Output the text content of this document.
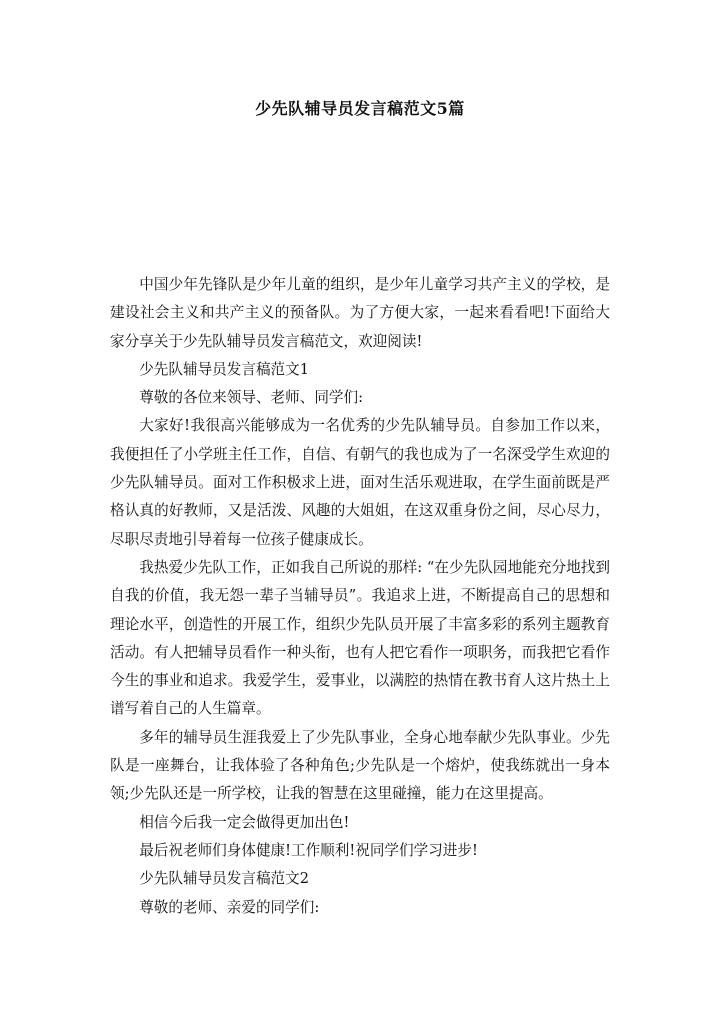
少先队辅导员发言稿范文5篇

中国少年先锋队是少年儿童的组织，是少年儿童学习共产主义的学校，是建设社会主义和共产主义的预备队。为了方便大家，一起来看看吧!下面给大家分享关于少先队辅导员发言稿范文，欢迎阅读!

少先队辅导员发言稿范文1

尊敬的各位来领导、老师、同学们:

大家好!我很高兴能够成为一名优秀的少先队辅导员。自参加工作以来，我便担任了小学班主任工作，自信、有朝气的我也成为了一名深受学生欢迎的少先队辅导员。面对工作积极求上进，面对生活乐观进取，在学生面前既是严格认真的好教师，又是活泼、风趣的大姐姐，在这双重身份之间，尽心尽力，尽职尽责地引导着每一位孩子健康成长。

我热爱少先队工作，正如我自己所说的那样: “在少先队园地能充分地找到自我的价值，我无怨一辈子当辅导员”。我追求上进，不断提高自己的思想和理论水平，创造性的开展工作，组织少先队员开展了丰富多彩的系列主题教育活动。有人把辅导员看作一种头衔，也有人把它看作一项职务，而我把它看作今生的事业和追求。我爱学生，爱事业，以满腔的热情在教书育人这片热土上谱写着自己的人生篇章。

多年的辅导员生涯我爱上了少先队事业，全身心地奉献少先队事业。少先队是一座舞台，让我体验了各种角色;少先队是一个熔炉，使我练就出一身本领;少先队还是一所学校，让我的智慧在这里碰撞，能力在这里提高。

相信今后我一定会做得更加出色!

最后祝老师们身体健康!工作顺利!祝同学们学习进步!

少先队辅导员发言稿范文2

尊敬的老师、亲爱的同学们:
